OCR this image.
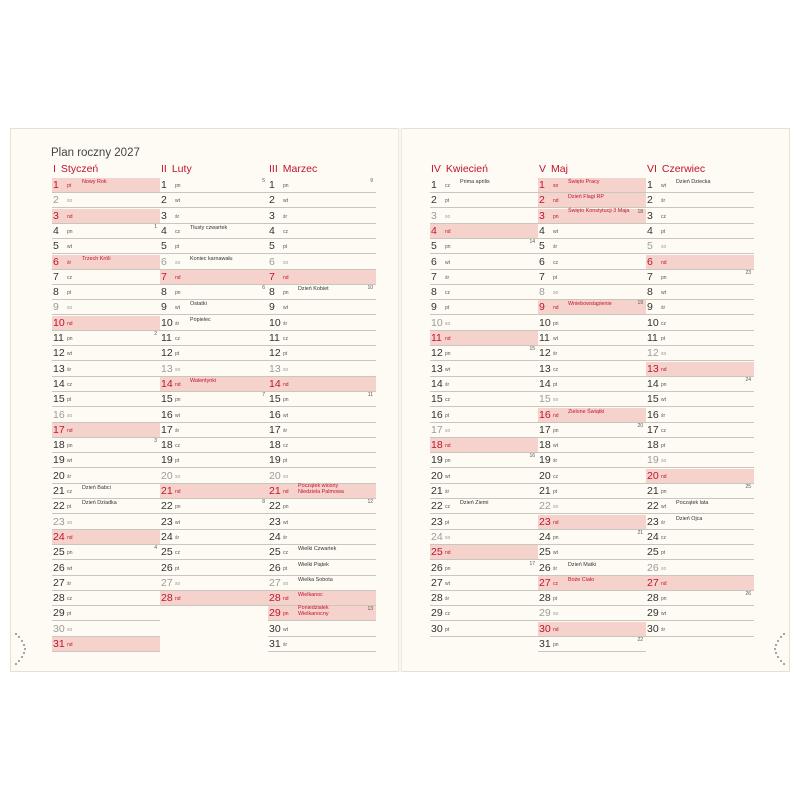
Plan roczny 2027
I Styczeń
1 pt
Nowy Rok
2 so
3 nd
4 pn
1
5 wt
6 śr
Trzech Króli
7 cz
8 pt
9 so
10 nd
11 pn
2
12 wt
13 śr
14 cz
15 pt
16 so
17 nd
18 pn
3
19 wt
20 śr
21 cz
Dzień Babci
22 pt
Dzień Dziadka
23 so
24 nd
25 pn
4
26 wt
27 śr
28 cz
29 pt
30 so
31 nd
II Luty
1 pn
5
2 wt
3 śr
4 cz
Tłusty czwartek
5 pt
6 so
Koniec karnawału
7 nd
8 pn
6
9 wt
Ostatki
10 śr
Popielec
11 cz
12 pt
13 so
14 nd
Walentynki
15 pn
7
16 wt
17 śr
18 cz
19 pt
20 so
21 nd
22 pn
8
23 wt
24 śr
25 cz
26 pt
27 so
28 nd
III Marzec
1 pn
9
2 wt
3 śr
4 cz
5 pt
6 so
7 nd
8 pn
Dzień Kobiet	10
9 wt
10 śr
11 cz
12 pt
13 so
14 nd
15 pn
11
16 wt
17 śr
18 cz
19 pt
20 so
21 nd
Początek wiosny Niedziela Palmowa
22 pn
12
23 wt
24 śr
25 cz
Wielki Czwartek
26 pt
Wielki Piątek
27 so
Wielka Sobota
28 nd
Wielkanoc
29 pn
Poniedziałek Wielkanocny
13
30 wt
31 śr
IV Kwiecień
1 cz
Prima aprilis
2 pt
3 so
4 nd
5 pn
14
6 wt
7 śr
8 cz
9 pt
10 so
11 nd
12 pn
15
13 wt
14 śr
15 cz
16 pt
17 so
18 nd
19 pn
16
20 wt
21 śr
22 cz
Dzień Ziemi
23 pt
24 so
25 nd
26 pn
17
27 wt
28 śr
29 cz
30 pt
V Maj
1 so
Święto Pracy
2 nd
Dzień Flagi RP
3 pn
Święto Konstytucji 3 Maja 18
4 wt
5 śr
6 cz
7 pt
8 so
9 nd
Wniebowstąpienie	19
10 pn
11 wt
12 śr
13 cz
14 pt
15 so
16 nd
Zielone Świątki
17 pn
20
18 wt
19 śr
20 cz
21 pt
22 so
23 nd
24 pn
21
25 wt
26 śr
Dzień Matki
27 cz
Boże Ciało
28 pt
29 so
30 nd
31 pn
22
VI Czerwiec
1 wt
Dzień Dziecka
2 śr
3 cz
4 pt
5 so
6 nd
7 pn
23
8 wt
9 śr
10 cz
11 pt
12 so
13 nd
14 pn
24
15 wt
16 śr
17 cz
18 pt
19 so
20 nd
21 pn
25
22 wt
Początek lata
23 śr
Dzień Ojca
24 cz
25 pt
26 so
27 nd
28 pn
26
29 wt
30 śr
